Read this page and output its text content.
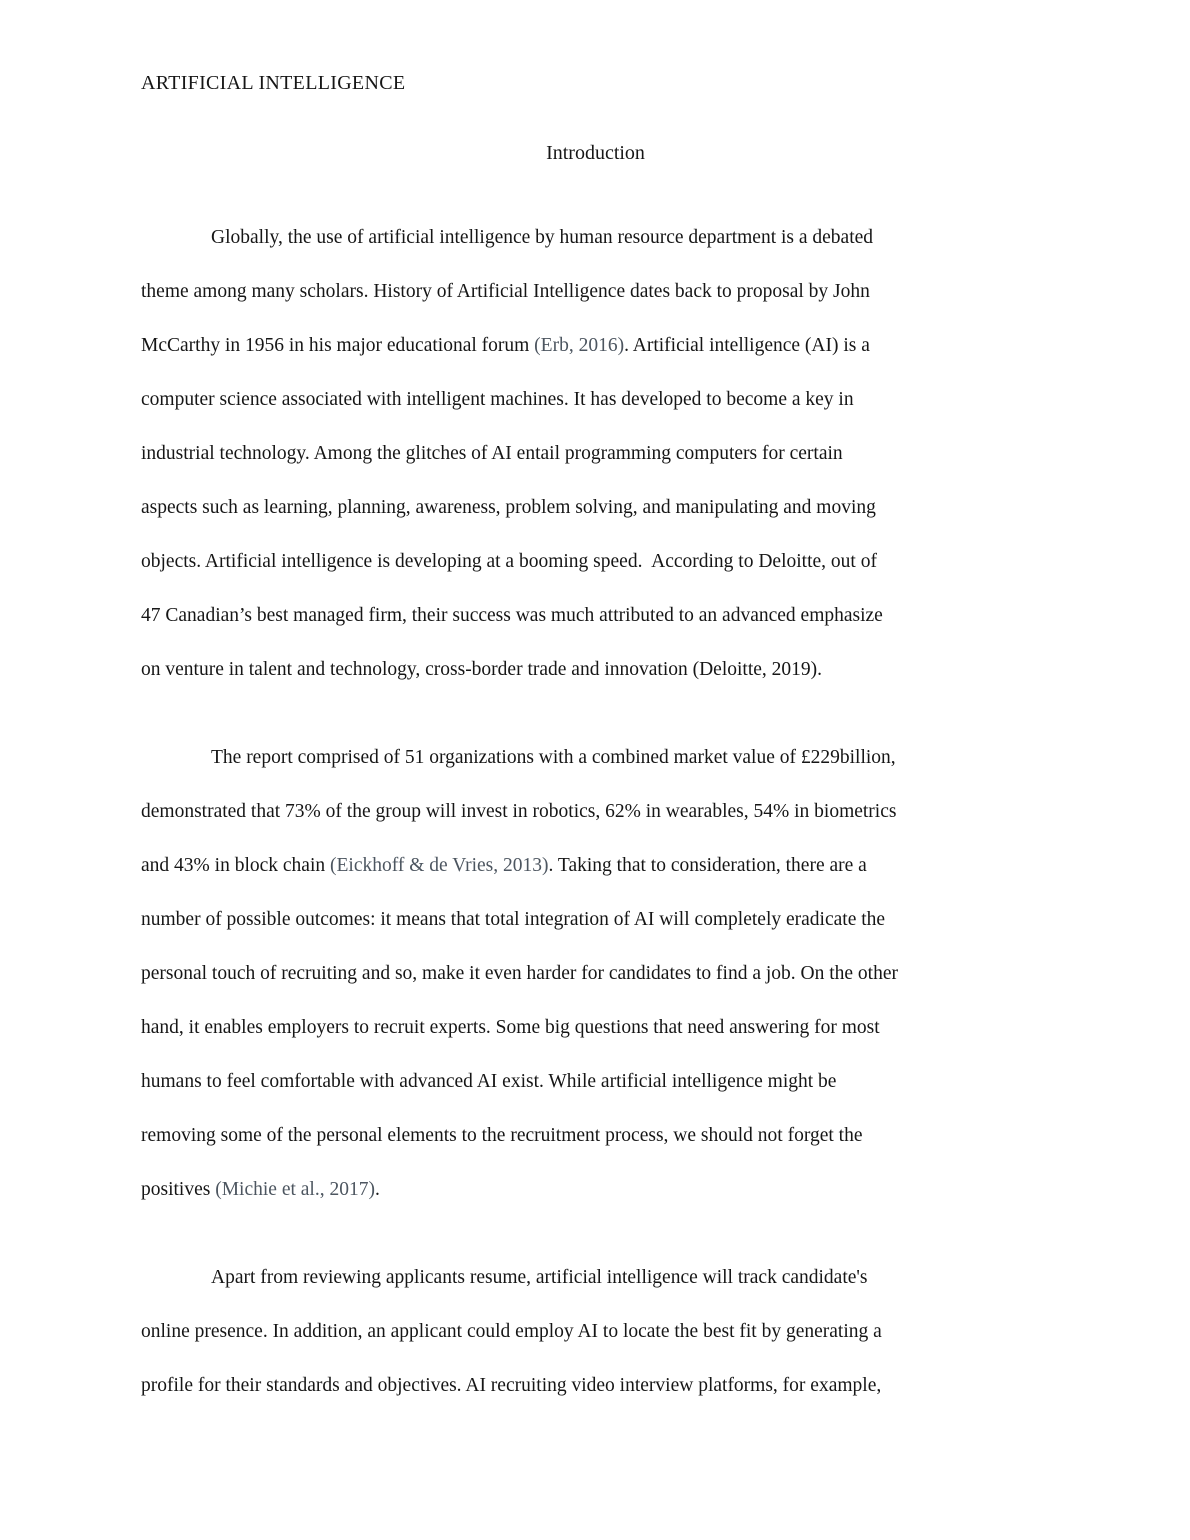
ARTIFICIAL INTELLIGENCE
Introduction
Globally, the use of artificial intelligence by human resource department is a debated
theme among many scholars. History of Artificial Intelligence dates back to proposal by John
McCarthy in 1956 in his major educational forum (Erb, 2016). Artificial intelligence (AI) is a
computer science associated with intelligent machines. It has developed to become a key in
industrial technology. Among the glitches of AI entail programming computers for certain
aspects such as learning, planning, awareness, problem solving, and manipulating and moving
objects. Artificial intelligence is developing at a booming speed.  According to Deloitte, out of
47 Canadian’s best managed firm, their success was much attributed to an advanced emphasize
on venture in talent and technology, cross-border trade and innovation (Deloitte, 2019).
The report comprised of 51 organizations with a combined market value of £229billion,
demonstrated that 73% of the group will invest in robotics, 62% in wearables, 54% in biometrics
and 43% in block chain (Eickhoff & de Vries, 2013). Taking that to consideration, there are a
number of possible outcomes: it means that total integration of AI will completely eradicate the
personal touch of recruiting and so, make it even harder for candidates to find a job. On the other
hand, it enables employers to recruit experts. Some big questions that need answering for most
humans to feel comfortable with advanced AI exist. While artificial intelligence might be
removing some of the personal elements to the recruitment process, we should not forget the
positives (Michie et al., 2017).
Apart from reviewing applicants resume, artificial intelligence will track candidate's
online presence. In addition, an applicant could employ AI to locate the best fit by generating a
profile for their standards and objectives. AI recruiting video interview platforms, for example,
